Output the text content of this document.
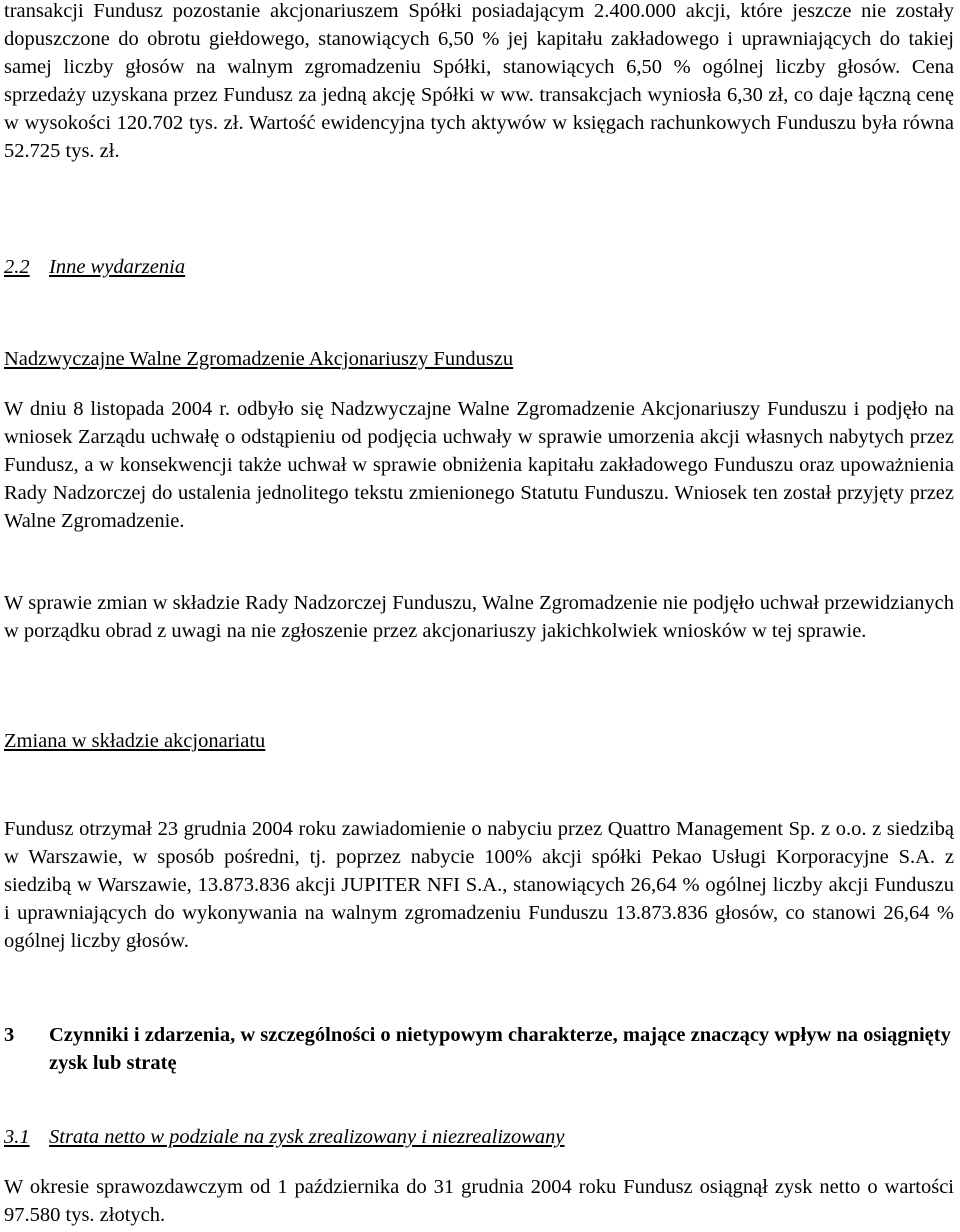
transakcji Fundusz pozostanie akcjonariuszem Spółki posiadającym 2.400.000 akcji, które jeszcze nie zostały dopuszczone do obrotu giełdowego, stanowiących 6,50 % jej kapitału zakładowego i uprawniających do takiej samej liczby głosów na walnym zgromadzeniu Spółki, stanowiących 6,50 % ogólnej liczby głosów. Cena sprzedaży uzyskana przez Fundusz za jedną akcję Spółki w ww. transakcjach wyniosła 6,30 zł, co daje łączną cenę w wysokości 120.702 tys. zł. Wartość ewidencyjna tych aktywów w księgach rachunkowych Funduszu była równa 52.725 tys. zł.

2.2 Inne wydarzenia

Nadzwyczajne Walne Zgromadzenie Akcjonariuszy Funduszu

W dniu 8 listopada 2004 r. odbyło się Nadzwyczajne Walne Zgromadzenie Akcjonariuszy Funduszu i podjęło na wniosek Zarządu uchwałę o odstąpieniu od podjęcia uchwały w sprawie umorzenia akcji własnych nabytych przez Fundusz, a w konsekwencji także uchwał w sprawie obniżenia kapitału zakładowego Funduszu oraz upoważnienia Rady Nadzorczej do ustalenia jednolitego tekstu zmienionego Statutu Funduszu. Wniosek ten został przyjęty przez Walne Zgromadzenie.

W sprawie zmian w składzie Rady Nadzorczej Funduszu, Walne Zgromadzenie nie podjęło uchwał przewidzianych w porządku obrad z uwagi na nie zgłoszenie przez akcjonariuszy jakichkolwiek wniosków w tej sprawie.

Zmiana w składzie akcjonariatu

Fundusz otrzymał 23 grudnia 2004 roku zawiadomienie o nabyciu przez Quattro Management Sp. z o.o. z siedzibą w Warszawie, w sposób pośredni, tj. poprzez nabycie 100% akcji spółki Pekao Usługi Korporacyjne S.A. z siedzibą w Warszawie, 13.873.836 akcji JUPITER NFI S.A., stanowiących 26,64 % ogólnej liczby akcji Funduszu i uprawniających do wykonywania na walnym zgromadzeniu Funduszu 13.873.836 głosów, co stanowi 26,64 % ogólnej liczby głosów.

3	Czynniki i zdarzenia, w szczególności o nietypowym charakterze, mające znaczący wpływ na osiągnięty zysk lub stratę

3.1 Strata netto w podziale na zysk zrealizowany i niezrealizowany

W okresie sprawozdawczym od 1 października do 31 grudnia 2004 roku Fundusz osiągnął zysk netto o wartości 97.580 tys. złotych.
